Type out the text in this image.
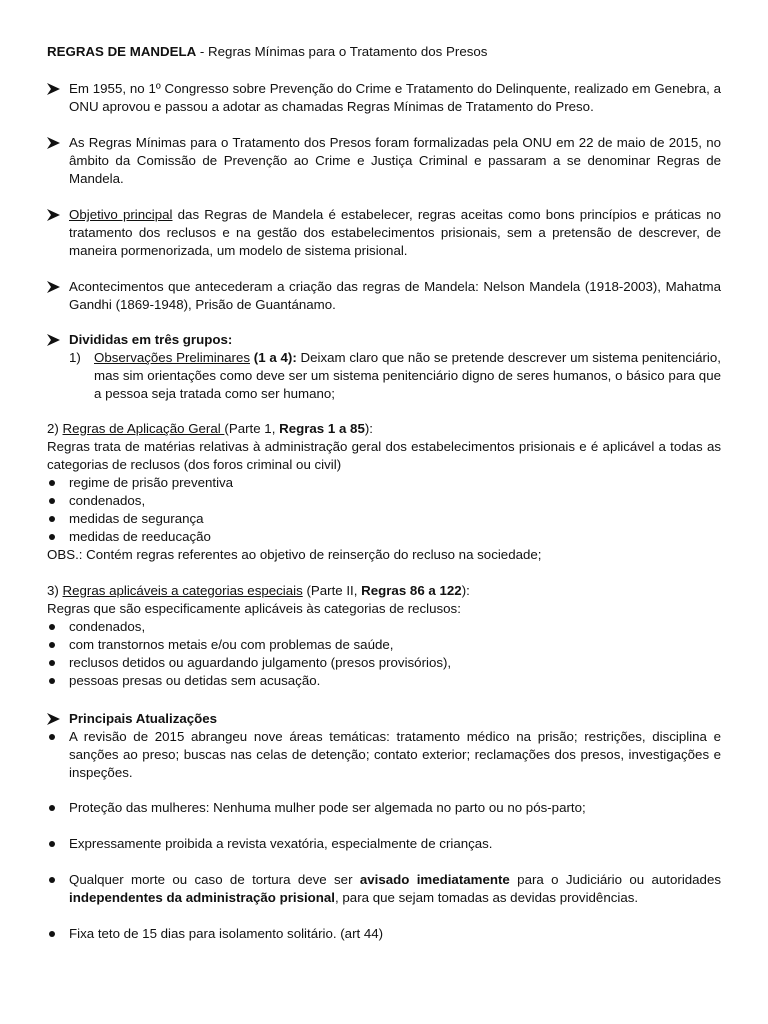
REGRAS DE MANDELA - Regras Mínimas para o Tratamento dos Presos
Em 1955, no 1º Congresso sobre Prevenção do Crime e Tratamento do Delinquente, realizado em Genebra, a ONU aprovou e passou a adotar as chamadas Regras Mínimas de Tratamento do Preso.
As Regras Mínimas para o Tratamento dos Presos foram formalizadas pela ONU em 22 de maio de 2015, no âmbito da Comissão de Prevenção ao Crime e Justiça Criminal e passaram a se denominar Regras de Mandela.
Objetivo principal das Regras de Mandela é estabelecer, regras aceitas como bons princípios e práticas no tratamento dos reclusos e na gestão dos estabelecimentos prisionais, sem a pretensão de descrever, de maneira pormenorizada, um modelo de sistema prisional.
Acontecimentos que antecederam a criação das regras de Mandela: Nelson Mandela (1918-2003), Mahatma Gandhi (1869-1948), Prisão de Guantánamo.
Divididas em três grupos:
1) Observações Preliminares (1 a 4): Deixam claro que não se pretende descrever um sistema penitenciário, mas sim orientações como deve ser um sistema penitenciário digno de seres humanos, o básico para que a pessoa seja tratada como ser humano;
2) Regras de Aplicação Geral (Parte 1, Regras 1 a 85):
Regras trata de matérias relativas à administração geral dos estabelecimentos prisionais e é aplicável a todas as categorias de reclusos (dos foros criminal ou civil)
regime de prisão preventiva
condenados,
medidas de segurança
medidas de reeducação
OBS.: Contém regras referentes ao objetivo de reinserção do recluso na sociedade;
3) Regras aplicáveis a categorias especiais (Parte II, Regras 86 a 122):
Regras que são especificamente aplicáveis às categorias de reclusos:
condenados,
com transtornos metais e/ou com problemas de saúde,
reclusos detidos ou aguardando julgamento (presos provisórios),
pessoas presas ou detidas sem acusação.
Principais Atualizações
A revisão de 2015 abrangeu nove áreas temáticas: tratamento médico na prisão; restrições, disciplina e sanções ao preso; buscas nas celas de detenção; contato exterior; reclamações dos presos, investigações e inspeções.
Proteção das mulheres: Nenhuma mulher pode ser algemada no parto ou no pós-parto;
Expressamente proibida a revista vexatória, especialmente de crianças.
Qualquer morte ou caso de tortura deve ser avisado imediatamente para o Judiciário ou autoridades independentes da administração prisional, para que sejam tomadas as devidas providências.
Fixa teto de 15 dias para isolamento solitário. (art 44)
